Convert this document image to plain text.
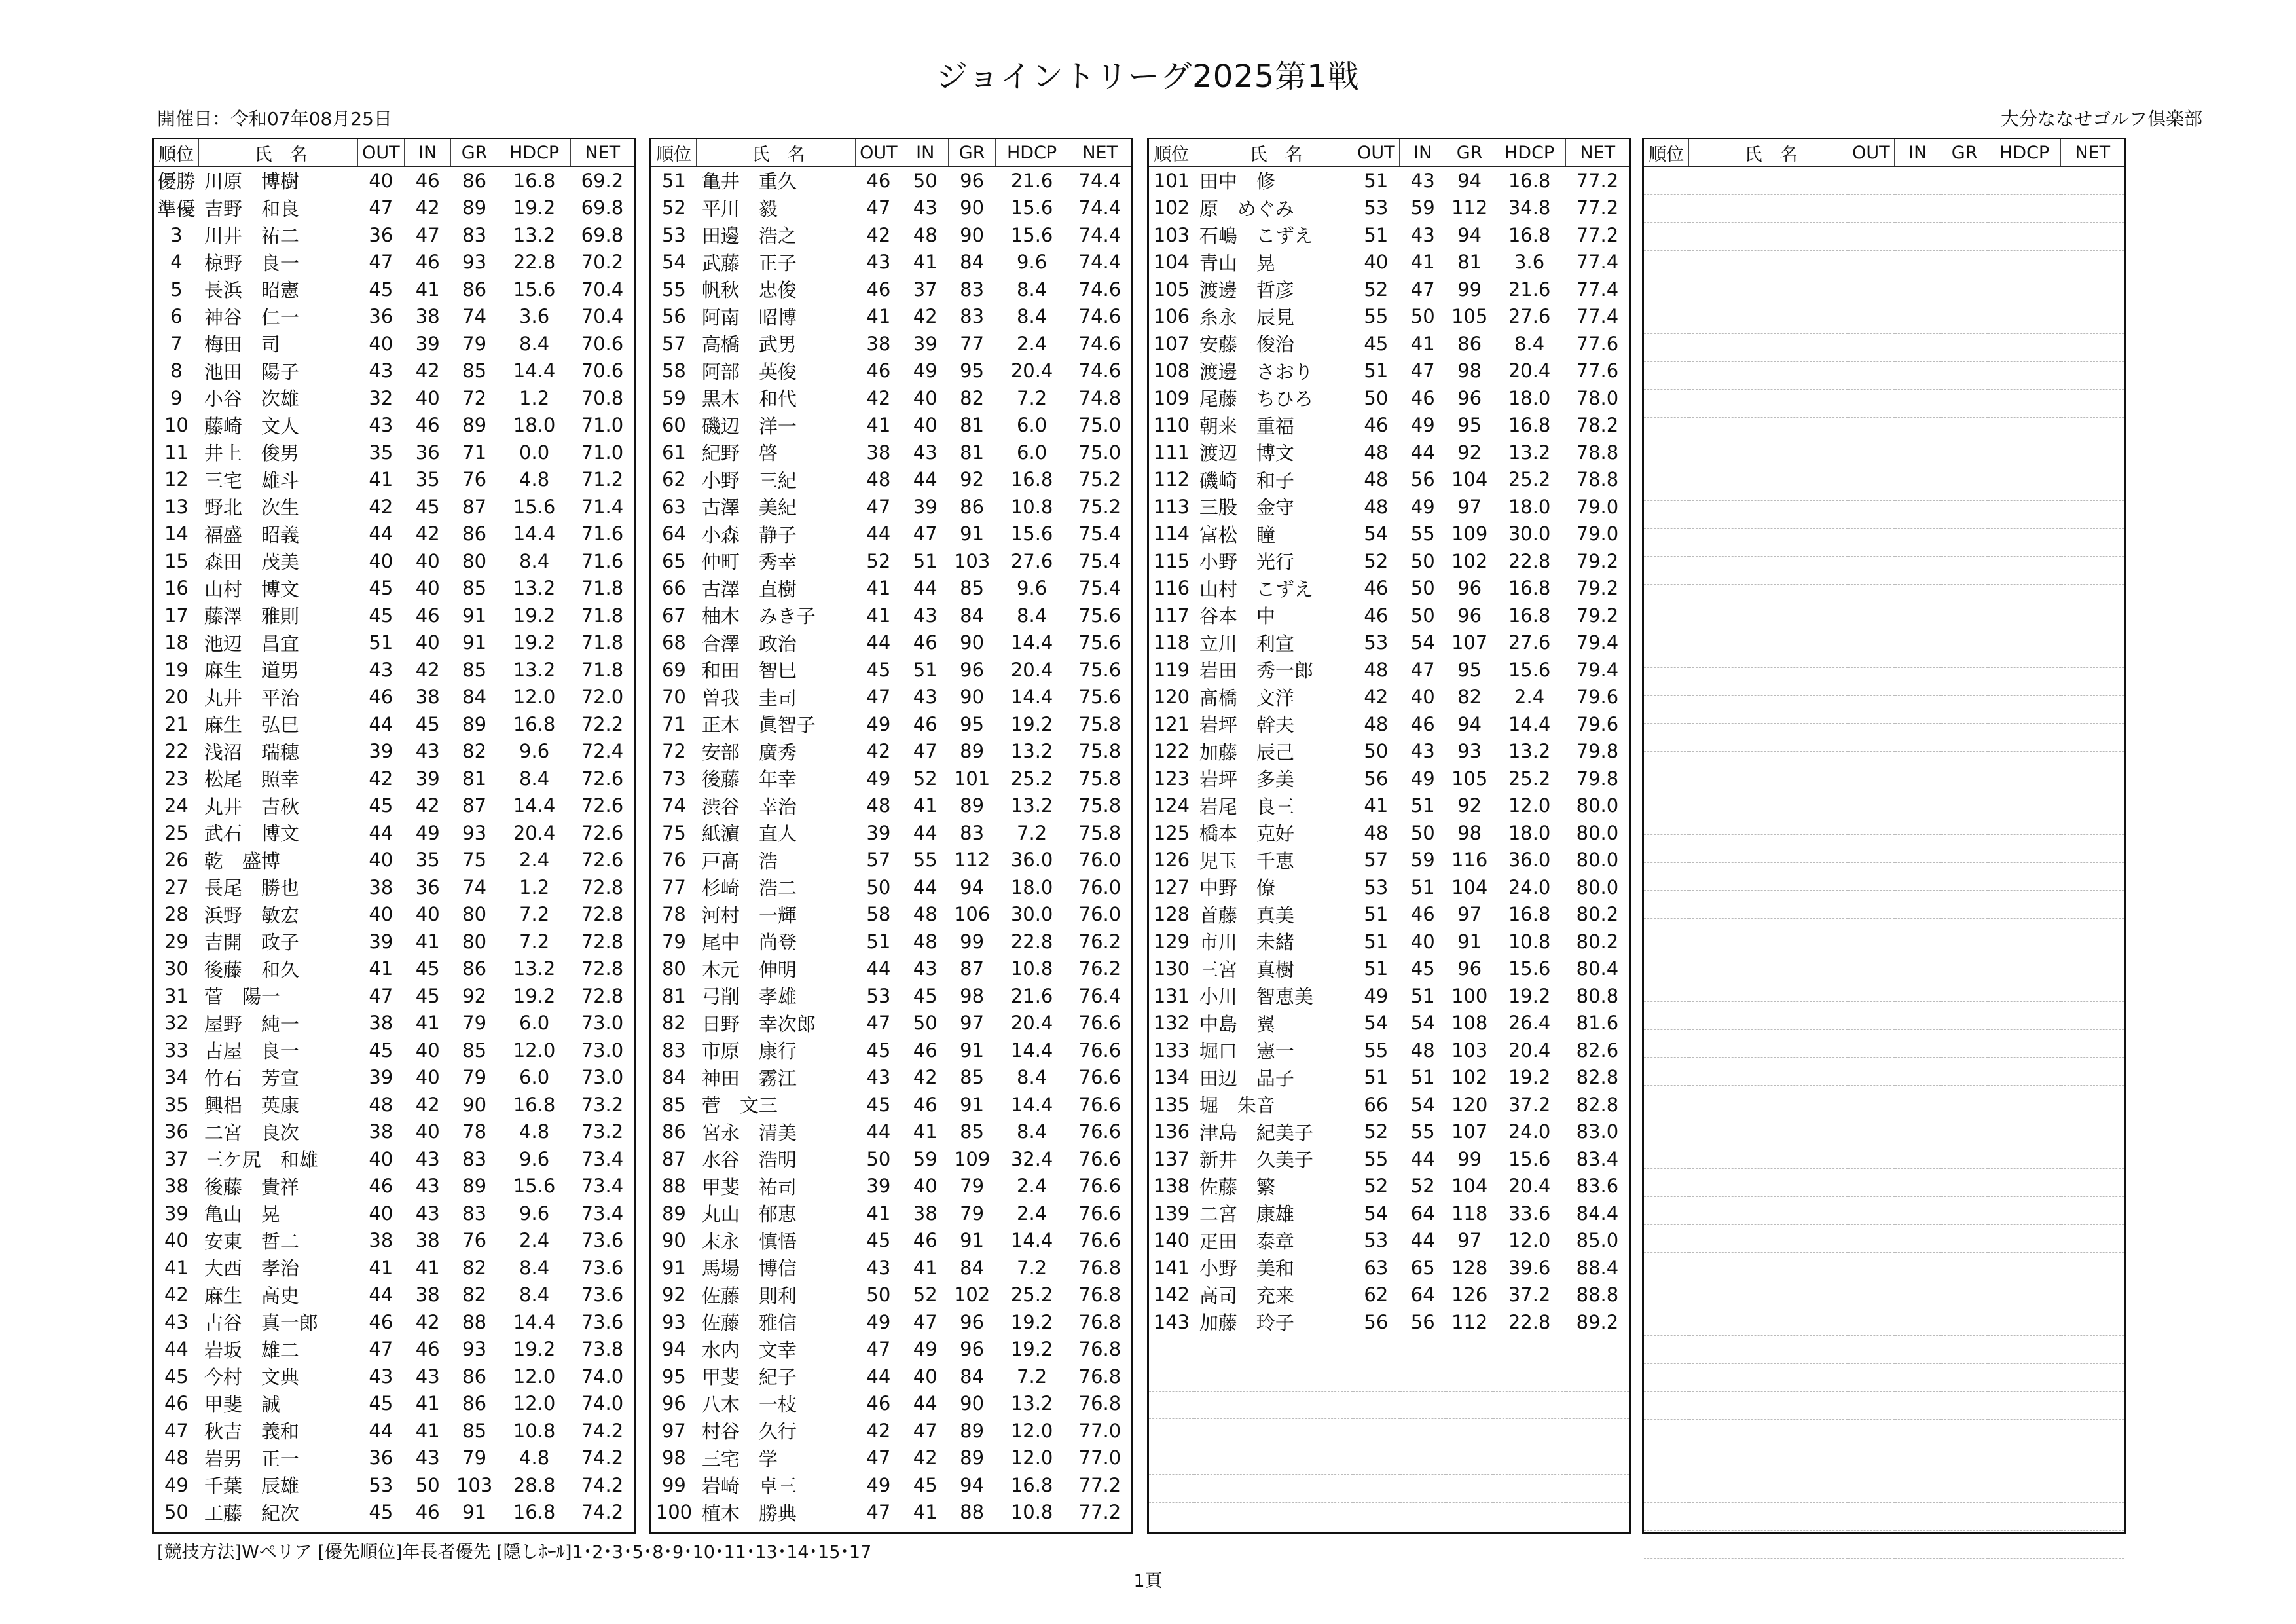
ジョイントリーグ2025第1戦
開催日：令和07年08月25日	大分ななせゴルフ倶楽部
順位	氏　名	OUT	IN	GR	HDCP	NET
優勝	川原　博樹	40	46	86	16.8	69.2
準優	吉野　和良	47	42	89	19.2	69.8
3	川井　祐二	36	47	83	13.2	69.8
4	椋野　良一	47	46	93	22.8	70.2
5	長浜　昭憲	45	41	86	15.6	70.4
6	神谷　仁一	36	38	74	3.6	70.4
7	梅田　司	40	39	79	8.4	70.6
8	池田　陽子	43	42	85	14.4	70.6
9	小谷　次雄	32	40	72	1.2	70.8
10	藤崎　文人	43	46	89	18.0	71.0
11	井上　俊男	35	36	71	0.0	71.0
12	三宅　雄斗	41	35	76	4.8	71.2
13	野北　次生	42	45	87	15.6	71.4
14	福盛　昭義	44	42	86	14.4	71.6
15	森田　茂美	40	40	80	8.4	71.6
16	山村　博文	45	40	85	13.2	71.8
17	藤澤　雅則	45	46	91	19.2	71.8
18	池辺　昌宜	51	40	91	19.2	71.8
19	麻生　道男	43	42	85	13.2	71.8
20	丸井　平治	46	38	84	12.0	72.0
21	麻生　弘巳	44	45	89	16.8	72.2
22	浅沼　瑞穂	39	43	82	9.6	72.4
23	松尾　照幸	42	39	81	8.4	72.6
24	丸井　吉秋	45	42	87	14.4	72.6
25	武石　博文	44	49	93	20.4	72.6
26	乾　盛博	40	35	75	2.4	72.6
27	長尾　勝也	38	36	74	1.2	72.8
28	浜野　敏宏	40	40	80	7.2	72.8
29	吉開　政子	39	41	80	7.2	72.8
30	後藤　和久	41	45	86	13.2	72.8
31	菅　陽一	47	45	92	19.2	72.8
32	屋野　純一	38	41	79	6.0	73.0
33	古屋　良一	45	40	85	12.0	73.0
34	竹石　芳宣	39	40	79	6.0	73.0
35	興梠　英康	48	42	90	16.8	73.2
36	二宮　良次	38	40	78	4.8	73.2
37	三ケ尻　和雄	40	43	83	9.6	73.4
38	後藤　貴祥	46	43	89	15.6	73.4
39	亀山　晃	40	43	83	9.6	73.4
40	安東　哲二	38	38	76	2.4	73.6
41	大西　孝治	41	41	82	8.4	73.6
42	麻生　高史	44	38	82	8.4	73.6
43	古谷　真一郎	46	42	88	14.4	73.6
44	岩坂　雄二	47	46	93	19.2	73.8
45	今村　文典	43	43	86	12.0	74.0
46	甲斐　誠	45	41	86	12.0	74.0
47	秋吉　義和	44	41	85	10.8	74.2
48	岩男　正一	36	43	79	4.8	74.2
49	千葉　辰雄	53	50	103	28.8	74.2
50	工藤　紀次	45	46	91	16.8	74.2
順位	氏　名	OUT	IN	GR	HDCP	NET
51	亀井　重久	46	50	96	21.6	74.4
52	平川　毅	47	43	90	15.6	74.4
53	田邊　浩之	42	48	90	15.6	74.4
54	武藤　正子	43	41	84	9.6	74.4
55	帆秋　忠俊	46	37	83	8.4	74.6
56	阿南　昭博	41	42	83	8.4	74.6
57	高橋　武男	38	39	77	2.4	74.6
58	阿部　英俊	46	49	95	20.4	74.6
59	黒木　和代	42	40	82	7.2	74.8
60	磯辺　洋一	41	40	81	6.0	75.0
61	紀野　啓	38	43	81	6.0	75.0
62	小野　三紀	48	44	92	16.8	75.2
63	古澤　美紀	47	39	86	10.8	75.2
64	小森　静子	44	47	91	15.6	75.4
65	仲町　秀幸	52	51	103	27.6	75.4
66	古澤　直樹	41	44	85	9.6	75.4
67	柚木　みき子	41	43	84	8.4	75.6
68	合澤　政治	44	46	90	14.4	75.6
69	和田　智巳	45	51	96	20.4	75.6
70	曽我　圭司	47	43	90	14.4	75.6
71	正木　眞智子	49	46	95	19.2	75.8
72	安部　廣秀	42	47	89	13.2	75.8
73	後藤　年幸	49	52	101	25.2	75.8
74	渋谷　幸治	48	41	89	13.2	75.8
75	紙濵　直人	39	44	83	7.2	75.8
76	戸髙　浩	57	55	112	36.0	76.0
77	杉崎　浩二	50	44	94	18.0	76.0
78	河村　一輝	58	48	106	30.0	76.0
79	尾中　尚登	51	48	99	22.8	76.2
80	木元　伸明	44	43	87	10.8	76.2
81	弓削　孝雄	53	45	98	21.6	76.4
82	日野　幸次郎	47	50	97	20.4	76.6
83	市原　康行	45	46	91	14.4	76.6
84	神田　霧江	43	42	85	8.4	76.6
85	菅　文三	45	46	91	14.4	76.6
86	宮永　清美	44	41	85	8.4	76.6
87	水谷　浩明	50	59	109	32.4	76.6
88	甲斐　祐司	39	40	79	2.4	76.6
89	丸山　郁恵	41	38	79	2.4	76.6
90	末永　慎悟	45	46	91	14.4	76.6
91	馬場　博信	43	41	84	7.2	76.8
92	佐藤　則利	50	52	102	25.2	76.8
93	佐藤　雅信	49	47	96	19.2	76.8
94	水内　文幸	47	49	96	19.2	76.8
95	甲斐　紀子	44	40	84	7.2	76.8
96	八木　一枝	46	44	90	13.2	76.8
97	村谷　久行	42	47	89	12.0	77.0
98	三宅　学	47	42	89	12.0	77.0
99	岩崎　卓三	49	45	94	16.8	77.2
100	植木　勝典	47	41	88	10.8	77.2
順位	氏　名	OUT	IN	GR	HDCP	NET
101	田中　修	51	43	94	16.8	77.2
102	原　めぐみ	53	59	112	34.8	77.2
103	石嶋　こずえ	51	43	94	16.8	77.2
104	青山　晃	40	41	81	3.6	77.4
105	渡邊　哲彦	52	47	99	21.6	77.4
106	糸永　辰見	55	50	105	27.6	77.4
107	安藤　俊治	45	41	86	8.4	77.6
108	渡邊　さおり	51	47	98	20.4	77.6
109	尾藤　ちひろ	50	46	96	18.0	78.0
110	朝来　重福	46	49	95	16.8	78.2
111	渡辺　博文	48	44	92	13.2	78.8
112	磯崎　和子	48	56	104	25.2	78.8
113	三股　金守	48	49	97	18.0	79.0
114	富松　瞳	54	55	109	30.0	79.0
115	小野　光行	52	50	102	22.8	79.2
116	山村　こずえ	46	50	96	16.8	79.2
117	谷本　中	46	50	96	16.8	79.2
118	立川　利宣	53	54	107	27.6	79.4
119	岩田　秀一郎	48	47	95	15.6	79.4
120	髙橋　文洋	42	40	82	2.4	79.6
121	岩坪　幹夫	48	46	94	14.4	79.6
122	加藤　辰己	50	43	93	13.2	79.8
123	岩坪　多美	56	49	105	25.2	79.8
124	岩尾　良三	41	51	92	12.0	80.0
125	橋本　克好	48	50	98	18.0	80.0
126	児玉　千恵	57	59	116	36.0	80.0
127	中野　僚	53	51	104	24.0	80.0
128	首藤　真美	51	46	97	16.8	80.2
129	市川　未緒	51	40	91	10.8	80.2
130	三宮　真樹	51	45	96	15.6	80.4
131	小川　智恵美	49	51	100	19.2	80.8
132	中島　翼	54	54	108	26.4	81.6
133	堀口　憲一	55	48	103	20.4	82.6
134	田辺　晶子	51	51	102	19.2	82.8
135	堀　朱音	66	54	120	37.2	82.8
136	津島　紀美子	52	55	107	24.0	83.0
137	新井　久美子	55	44	99	15.6	83.4
138	佐藤　繁	52	52	104	20.4	83.6
139	二宮　康雄	54	64	118	33.6	84.4
140	疋田　泰章	53	44	97	12.0	85.0
141	小野　美和	63	65	128	39.6	88.4
142	高司　充来	62	64	126	37.2	88.8
143	加藤　玲子	56	56	112	22.8	89.2

順位	氏　名	OUT	IN	GR	HDCP	NET

[競技方法]Wペリア [優先順位]年長者優先 [隠しﾎｰﾙ]1･2･3･5･8･9･10･11･13･14･15･17
1頁
